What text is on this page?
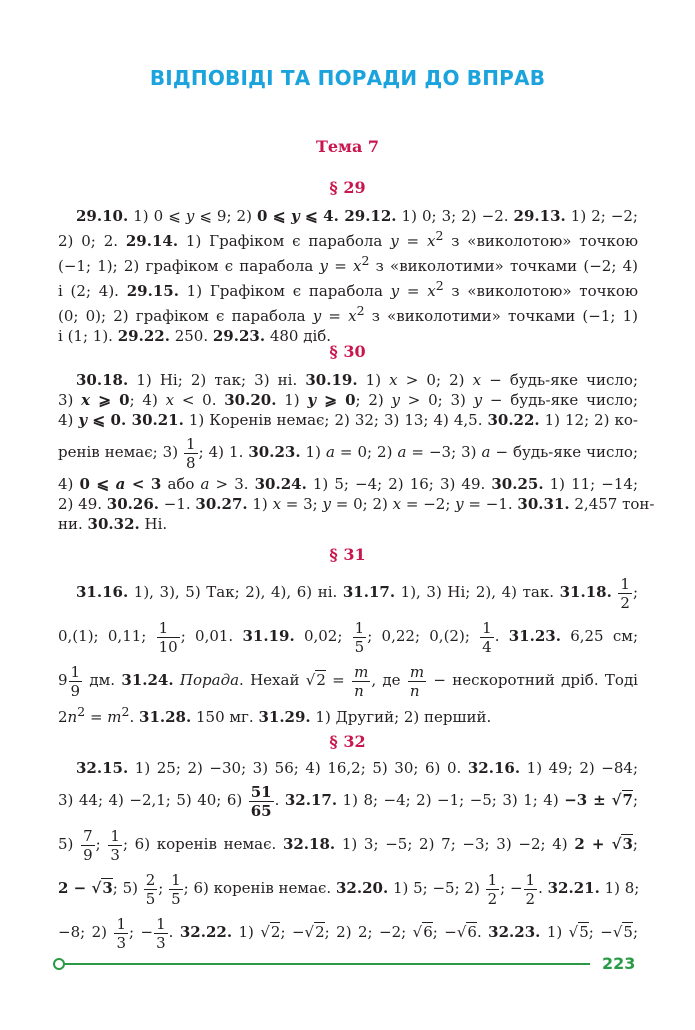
ВІДПОВІДІ ТА ПОРАДИ ДО ВПРАВ
Тема 7
§ 29
29.10. 1) 0 ⩽ y ⩽ 9; 2) 0 ⩽ y ⩽ 4. 29.12. 1) 0; 3; 2) −2. 29.13. 1) 2; −2;
2) 0; 2. 29.14. 1) Графіком є парабола $y = x^2$ з «виколотою» точкою
(−1; 1); 2) графіком є парабола $y = x^2$ з «виколотими» точками (−2; 4)
і (2; 4). 29.15. 1) Графіком є парабола $y = x^2$ з «виколотою» точкою
(0; 0); 2) графіком є парабола $y = x^2$ з «виколотими» точками (−1; 1)
і (1; 1). 29.22. 250. 29.23. 480 діб.
§ 30
30.18. 1) Ні; 2) так; 3) ні. 30.19. 1) x > 0; 2) x − будь-яке число;
3) x ⩾ 0; 4) x < 0. 30.20. 1) y ⩾ 0; 2) y > 0; 3) y − будь-яке число;
4) y ⩽ 0. 30.21. 1) Коренів немає; 2) 32; 3) 13; 4) 4,5. 30.22. 1) 12; 2) ко-
ренів немає; $3) \frac{1}{8}$ ; 4) 1. 30.23. 1) a = 0; 2) a = −3; 3) a − будь-яке число;
4) 0 ⩽ a < 3 або a > 3. 30.24. 1) 5; −4; 2) 16; 3) 49. 30.25. 1) 11; −14;
2) 49. 30.26. −1. 30.27. 1) x = 3; y = 0; 2) x = −2; y = −1. 30.31. 2,457 тон-
ни. 30.32. Ні.
§ 31
31.16. 1), 3), 5) Так; 2), 4), 6) ні. 31.17. 1), 3) Ні; 2), 4) так. 31.18. $\frac{1}{2}$ ;
0,(1); 0,11; $\frac{1}{10}$ ; 0,01. 31.19. 0,02; $\frac{1}{5}$ ; 0,22; 0,(2); $\frac{1}{4}$ . 31.23. 6,25 см;
$9 \frac{1}{9}$ дм. 31.24. Порада. Нехай $√2 = \frac{m}{n}$ , де $\frac{m}{n}$ − нескоротний дріб. Тоді
$2n^2 = m^2$. 31.28. 150 мг. 31.29. 1) Другий; 2) перший.
§ 32
32.15. 1) 25; 2) −30; 3) 56; 4) 16,2; 5) 30; 6) 0. 32.16. 1) 49; 2) −84;
3) 44; 4) −2,1; 5) 40; $6) \frac{51}{65}$ . 32.17. 1) 8; −4; 2) −1; −5; 3) 1; 4) −3 ± √7;
$5) \frac{7}{9}$ ; $\frac{1}{3}$ ; 6) коренів немає. 32.18. 1) 3; −5; 2) 7; −3; 3) −2; 4) 2 + √3;
2 − √3; $5) \frac{2}{5}$ ; $\frac{1}{5}$ ; 6) коренів немає. 32.20. 1) 5; −5; $2) \frac{1}{2}$ ; − $\frac{1}{2}$ . 32.21. 1) 8;
−8; $2) \frac{1}{3}$ ; − $\frac{1}{3}$ . 32.22. 1) √2; −√2; 2) 2; −2; √6; −√6. 32.23. 1) √5; −√5;
223
